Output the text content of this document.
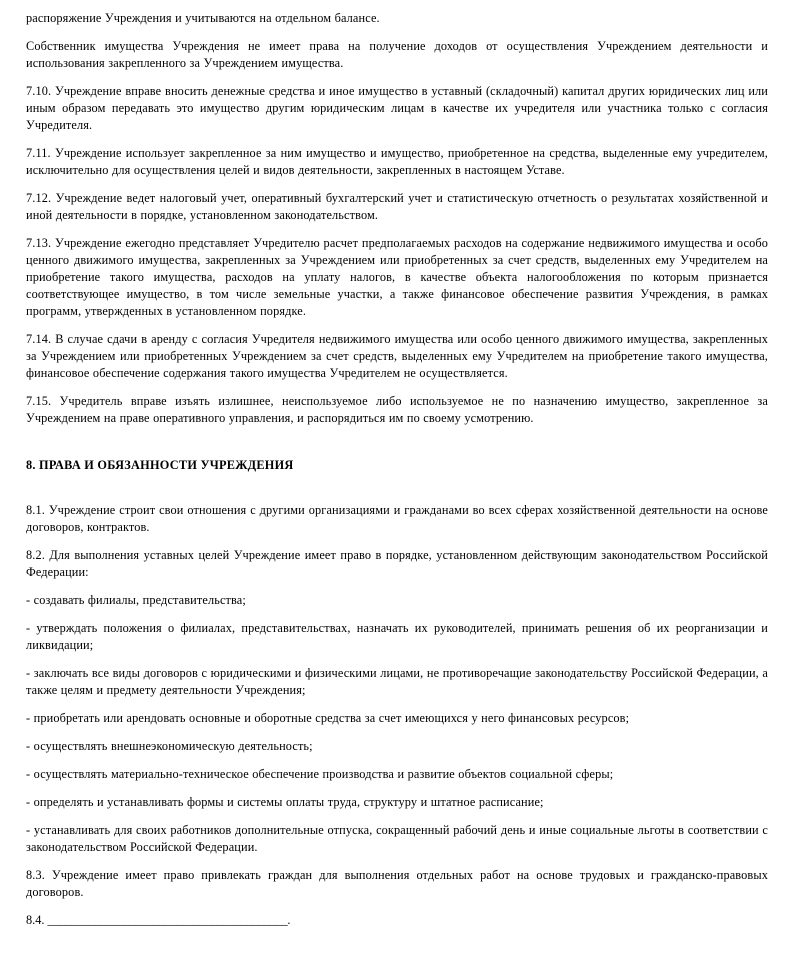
распоряжение Учреждения и учитываются на отдельном балансе.

Собственник имущества Учреждения не имеет права на получение доходов от осуществления Учреждением деятельности и использования закрепленного за Учреждением имущества.

7.10. Учреждение вправе вносить денежные средства и иное имущество в уставный (складочный) капитал других юридических лиц или иным образом передавать это имущество другим юридическим лицам в качестве их учредителя или участника только с согласия Учредителя.

7.11. Учреждение использует закрепленное за ним имущество и имущество, приобретенное на средства, выделенные ему учредителем, исключительно для осуществления целей и видов деятельности, закрепленных в настоящем Уставе.

7.12. Учреждение ведет налоговый учет, оперативный бухгалтерский учет и статистическую отчетность о результатах хозяйственной и иной деятельности в порядке, установленном законодательством.

7.13. Учреждение ежегодно представляет Учредителю расчет предполагаемых расходов на содержание недвижимого имущества и особо ценного движимого имущества, закрепленных за Учреждением или приобретенных за счет средств, выделенных ему Учредителем на приобретение такого имущества, расходов на уплату налогов, в качестве объекта налогообложения по которым признается соответствующее имущество, в том числе земельные участки, а также финансовое обеспечение развития Учреждения, в рамках программ, утвержденных в установленном порядке.

7.14. В случае сдачи в аренду с согласия Учредителя недвижимого имущества или особо ценного движимого имущества, закрепленных за Учреждением или приобретенных Учреждением за счет средств, выделенных ему Учредителем на приобретение такого имущества, финансовое обеспечение содержания такого имущества Учредителем не осуществляется.

7.15. Учредитель вправе изъять излишнее, неиспользуемое либо используемое не по назначению имущество, закрепленное за Учреждением на праве оперативного управления, и распорядиться им по своему усмотрению.

8. ПРАВА И ОБЯЗАННОСТИ УЧРЕЖДЕНИЯ

8.1. Учреждение строит свои отношения с другими организациями и гражданами во всех сферах хозяйственной деятельности на основе договоров, контрактов.

8.2. Для выполнения уставных целей Учреждение имеет право в порядке, установленном действующим законодательством Российской Федерации:

- создавать филиалы, представительства;

- утверждать положения о филиалах, представительствах, назначать их руководителей, принимать решения об их реорганизации и ликвидации;

- заключать все виды договоров с юридическими и физическими лицами, не противоречащие законодательству Российской Федерации, а также целям и предмету деятельности Учреждения;

- приобретать или арендовать основные и оборотные средства за счет имеющихся у него финансовых ресурсов;

- осуществлять внешнеэкономическую деятельность;

- осуществлять материально-техническое обеспечение производства и развитие объектов социальной сферы;

- определять и устанавливать формы и системы оплаты труда, структуру и штатное расписание;

- устанавливать для своих работников дополнительные отпуска, сокращенный рабочий день и иные социальные льготы в соответствии с законодательством Российской Федерации.

8.3. Учреждение имеет право привлекать граждан для выполнения отдельных работ на основе трудовых и гражданско-правовых договоров.

8.4. _________________________________________.
